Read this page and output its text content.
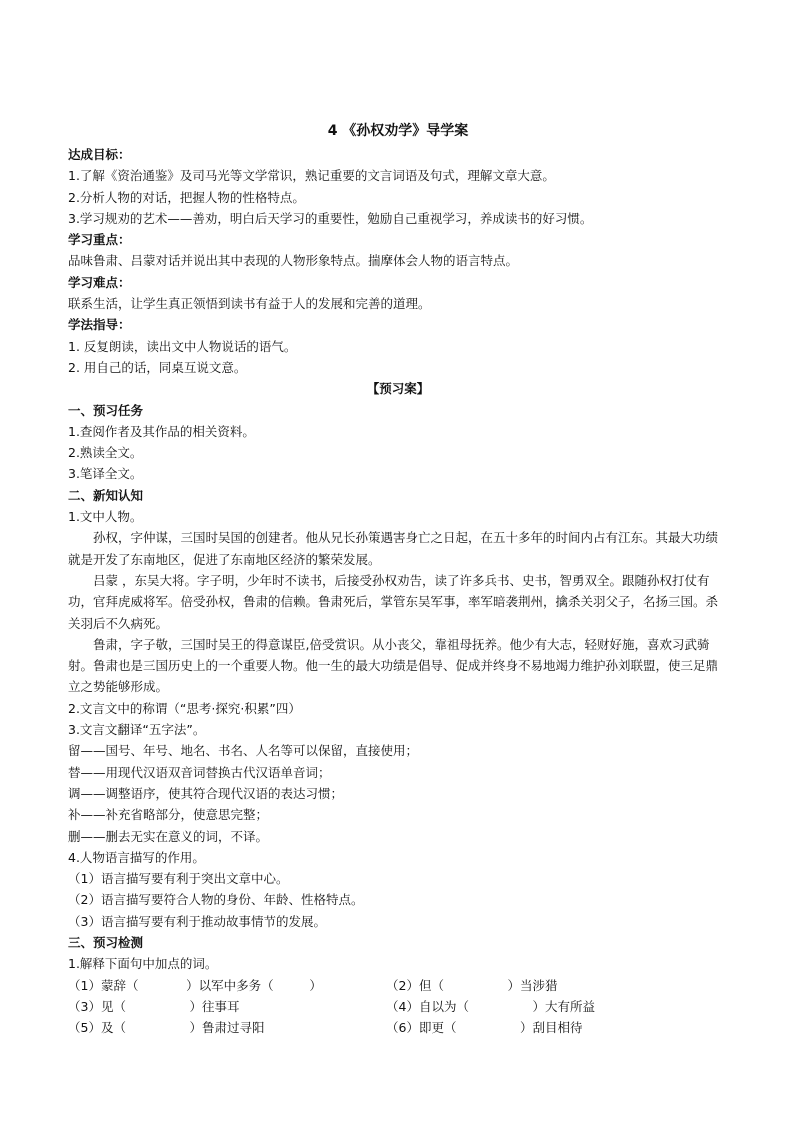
4 《孙权劝学》导学案
达成目标：
1.了解《资治通鉴》及司马光等文学常识，熟记重要的文言词语及句式，理解文章大意。
2.分析人物的对话，把握人物的性格特点。
3.学习规劝的艺术——善劝，明白后天学习的重要性，勉励自己重视学习，养成读书的好习惯。
学习重点：
品味鲁肃、吕蒙对话并说出其中表现的人物形象特点。揣摩体会人物的语言特点。
学习难点：
联系生活，让学生真正领悟到读书有益于人的发展和完善的道理。
学法指导：
1. 反复朗读，读出文中人物说话的语气。
2. 用自己的话，同桌互说文意。
【预习案】
一、预习任务
1.查阅作者及其作品的相关资料。
2.熟读全文。
3.笔译全文。
二、新知认知
1.文中人物。
孙权，字仲谋，三国时吴国的创建者。他从兄长孙策遇害身亡之日起，在五十多年的时间内占有江东。其最大功绩就是开发了东南地区，促进了东南地区经济的繁荣发展。
吕蒙 ，东吴大将。字子明，少年时不读书，后接受孙权劝告，读了许多兵书、史书，智勇双全。跟随孙权打仗有功，官拜虎威将军。倍受孙权，鲁肃的信赖。鲁肃死后，掌管东吴军事，率军暗袭荆州，擒杀关羽父子，名扬三国。杀关羽后不久病死。
鲁肃，字子敬，三国时吴王的得意谋臣,倍受赏识。从小丧父，靠祖母抚养。他少有大志，轻财好施，喜欢习武骑射。鲁肃也是三国历史上的一个重要人物。他一生的最大功绩是倡导、促成并终身不易地竭力维护孙刘联盟，使三足鼎立之势能够形成。
2.文言文中的称谓（“思考·探究·积累”四）
3.文言文翻译“五字法”。
留——国号、年号、地名、书名、人名等可以保留，直接使用；
替——用现代汉语双音词替换古代汉语单音词；
调——调整语序，使其符合现代汉语的表达习惯；
补——补充省略部分，使意思完整；
删——删去无实在意义的词，不译。
4.人物语言描写的作用。
（1）语言描写要有利于突出文章中心。
（2）语言描写要符合人物的身份、年龄、性格特点。
（3）语言描写要有利于推动故事情节的发展。
三、预习检测
1.解释下面句中加点的词。
（1）蒙辞（            ）以军中多务（         ）	（2）但（                ）当涉猎
（3）见（                ）往事耳	（4）自以为（                ）大有所益
（5）及（                ）鲁肃过寻阳	（6）即更（                ）刮目相待
